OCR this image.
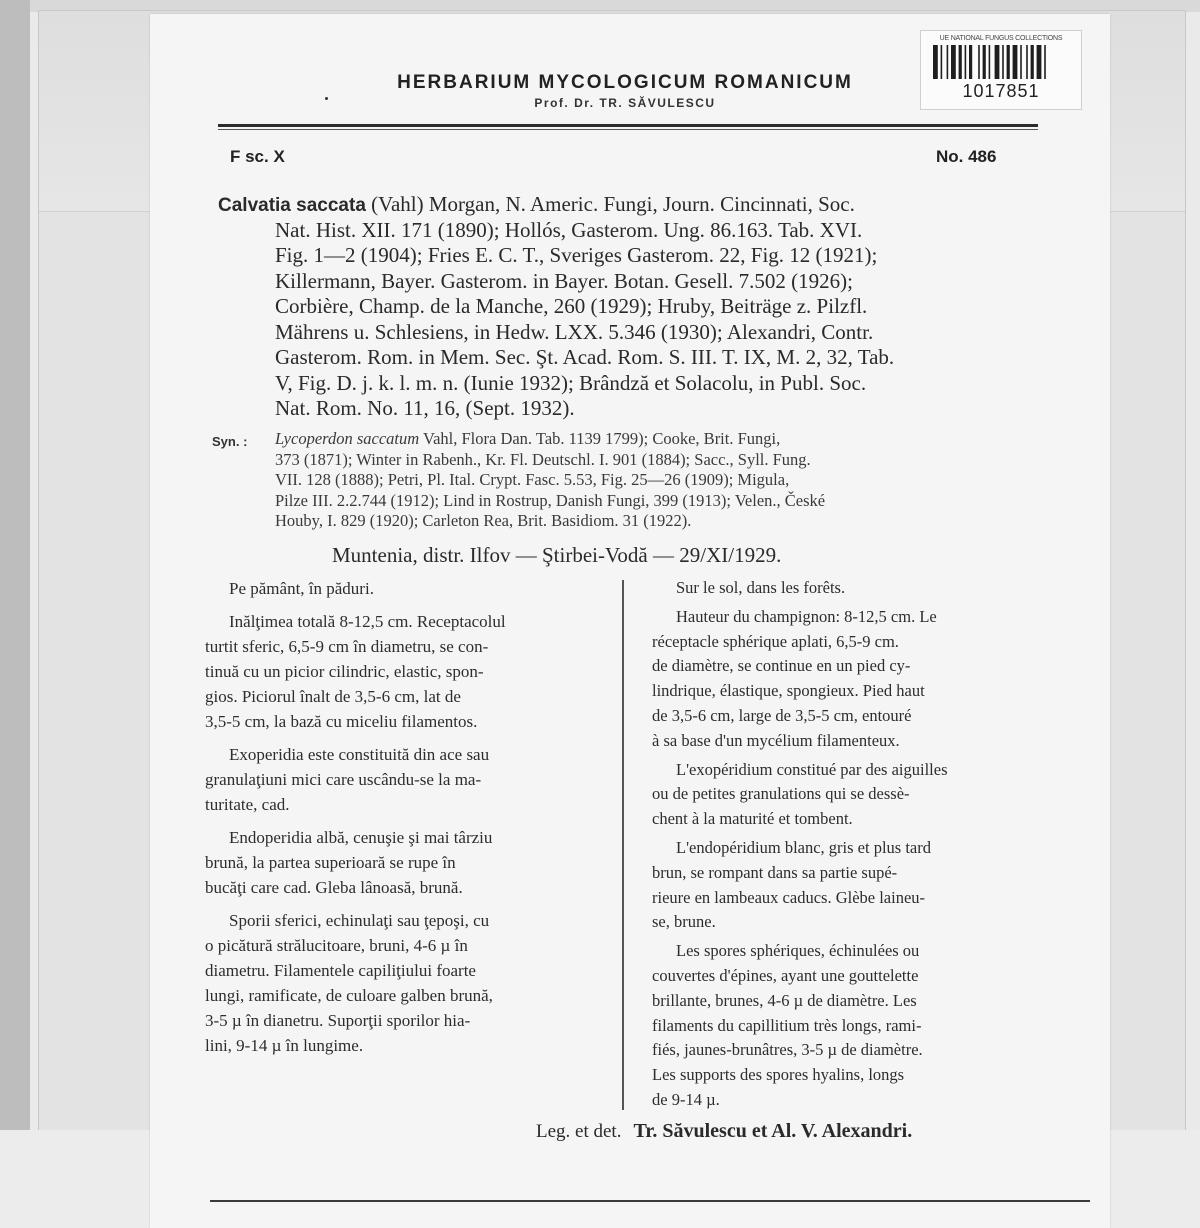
UE NATIONAL FUNGUS COLLECTIONS
1017851
HERBARIUM MYCOLOGICUM ROMANICUM
Prof. Dr. TR. SĂVULESCU
F sc. X	No. 486
Calvatia saccata (Vahl) Morgan, N. Americ. Fungi, Journ. Cincinnati, Soc.
Nat. Hist. XII. 171 (1890); Hollós, Gasterom. Ung. 86.163. Tab. XVI.
Fig. 1—2 (1904); Fries E. C. T., Sveriges Gasterom. 22, Fig. 12 (1921);
Killermann, Bayer. Gasterom. in Bayer. Botan. Gesell. 7.502 (1926);
Corbière, Champ. de la Manche, 260 (1929); Hruby, Beiträge z. Pilzfl.
Mährens u. Schlesiens, in Hedw. LXX. 5.346 (1930); Alexandri, Contr.
Gasterom. Rom. in Mem. Sec. Şt. Acad. Rom. S. III. T. IX, M. 2, 32, Tab.
V, Fig. D. j. k. l. m. n. (Iunie 1932); Brândză et Solacolu, in Publ. Soc.
Nat. Rom. No. 11, 16, (Sept. 1932).
Syn. : Lycoperdon saccatum Vahl, Flora Dan. Tab. 1139 1799); Cooke, Brit. Fungi,
373 (1871); Winter in Rabenh., Kr. Fl. Deutschl. I. 901 (1884); Sacc., Syll. Fung.
VII. 128 (1888); Petri, Pl. Ital. Crypt. Fasc. 5.53, Fig. 25—26 (1909); Migula,
Pilze III. 2.2.744 (1912); Lind in Rostrup, Danish Fungi, 399 (1913); Velen., České
Houby, I. 829 (1920); Carleton Rea, Brit. Basidiom. 31 (1922).
Muntenia, distr. Ilfov — Ştirbei-Vodă — 29/XI/1929.
Pe pământ, în păduri.
Inălţimea totală 8-12,5 cm. Receptacolul
turtit sferic, 6,5-9 cm în diametru, se con-
tinuă cu un picior cilindric, elastic, spon-
gios. Piciorul înalt de 3,5-6 cm, lat de
3,5-5 cm, la bază cu miceliu filamentos.
Exoperidia este constituită din ace sau
granulaţiuni mici care uscându-se la ma-
turitate, cad.
Endoperidia albă, cenuşie şi mai târziu
brună, la partea superioară se rupe în
bucăţi care cad. Gleba lânoasă, brună.
Sporii sferici, echinulaţi sau ţepoşi, cu
o picătură strălucitoare, bruni, 4-6 µ în
diametru. Filamentele capiliţiului foarte
lungi, ramificate, de culoare galben brună,
3-5 µ în dianetru. Suporţii sporilor hia-
lini, 9-14 µ în lungime.
Sur le sol, dans les forêts.
Hauteur du champignon: 8-12,5 cm. Le
réceptacle sphérique aplati, 6,5-9 cm.
de diamètre, se continue en un pied cy-
lindrique, élastique, spongieux. Pied haut
de 3,5-6 cm, large de 3,5-5 cm, entouré
à sa base d'un mycélium filamenteux.
L'exopéridium constitué par des aiguilles
ou de petites granulations qui se dessè-
chent à la maturité et tombent.
L'endopéridium blanc, gris et plus tard
brun, se rompant dans sa partie supé-
rieure en lambeaux caducs. Glèbe laineu-
se, brune.
Les spores sphériques, échinulées ou
couvertes d'épines, ayant une gouttelette
brillante, brunes, 4-6 µ de diamètre. Les
filaments du capillitium très longs, rami-
fiés, jaunes-brunâtres, 3-5 µ de diamètre.
Les supports des spores hyalins, longs
de 9-14 µ.
Leg. et det. Tr. Săvulescu et Al. V. Alexandri.
